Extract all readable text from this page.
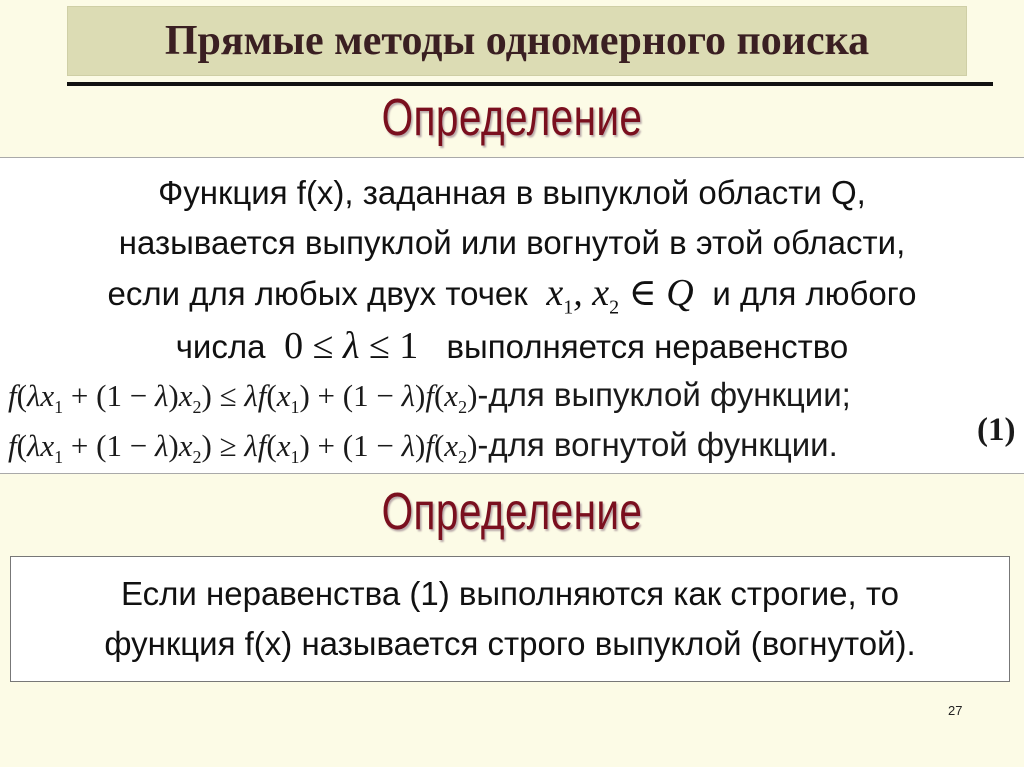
Прямые методы одномерного поиска
Определение
Функция f(x), заданная в выпуклой области Q,
называется выпуклой или вогнутой в этой области,
если для любых двух точек  $x_1$, $x_2$ ∈ Q  и для любого
числа  0 ≤ λ ≤ 1   выполняется неравенство
$f(\lambda x_1 + (1 - \lambda)x_2) \le \lambda f(x_1) + (1 - \lambda)f(x_2)-для$ выпуклой функции;
$f(\lambda x_1 + (1 - \lambda)x_2) \ge \lambda f(x_1) + (1 - \lambda)f(x_2)-для$ вогнутой функции.	(1)
Определение
Если неравенства (1) выполняются как строгие, то
функция f(x) называется строго выпуклой (вогнутой).
27
